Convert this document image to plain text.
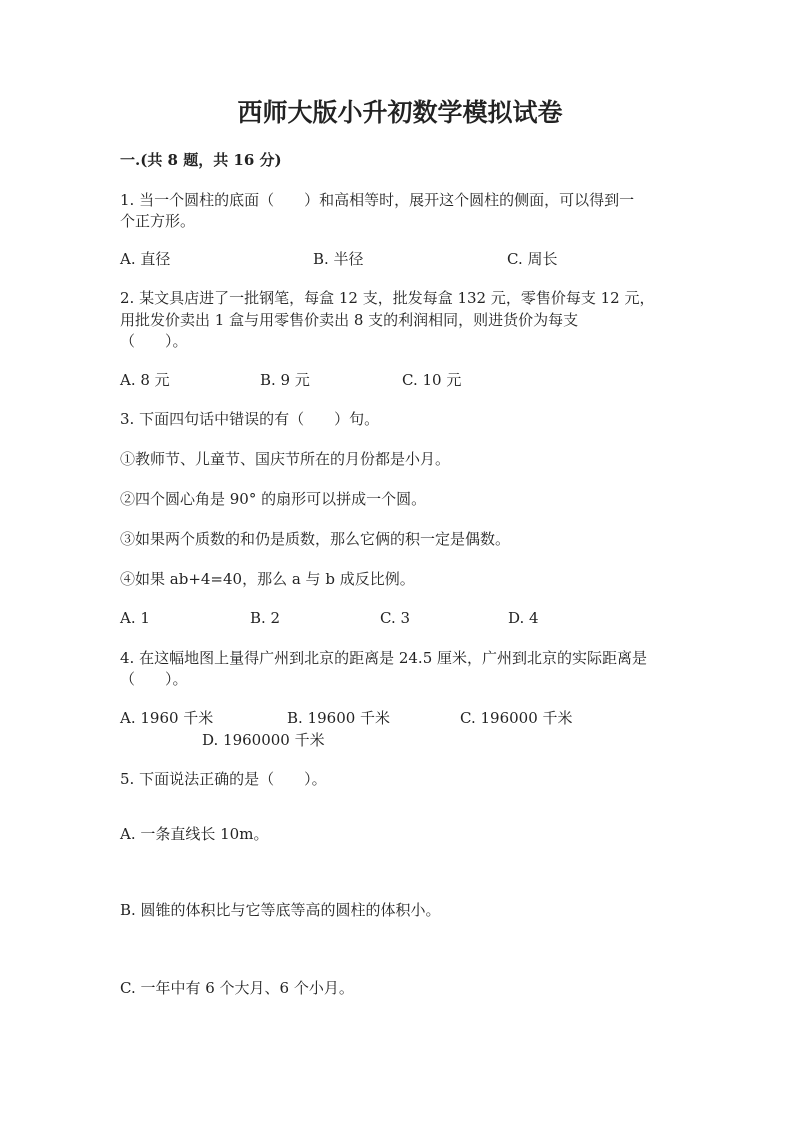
西师大版小升初数学模拟试卷
一.(共 8 题，共 16 分)
1. 当一个圆柱的底面（　　）和高相等时，展开这个圆柱的侧面，可以得到一
个正方形。
A. 直径	B. 半径	C. 周长
2. 某文具店进了一批钢笔，每盒 12 支，批发每盒 132 元，零售价每支 12 元，
用批发价卖出 1 盒与用零售价卖出 8 支的利润相同，则进货价为每支
（　　）。
A. 8 元	B. 9 元	C. 10 元
3. 下面四句话中错误的有（　　）句。
①教师节、儿童节、国庆节所在的月份都是小月。
②四个圆心角是 90° 的扇形可以拼成一个圆。
③如果两个质数的和仍是质数，那么它俩的积一定是偶数。
④如果 ab+4=40，那么 a 与 b 成反比例。
A. 1	B. 2	C. 3	D. 4
4. 在这幅地图上量得广州到北京的距离是 24.5 厘米，广州到北京的实际距离是
（　　）。
A. 1960 千米	B. 19600 千米	C. 196000 千米
D. 1960000 千米
5. 下面说法正确的是（　　）。
A. 一条直线长 10m。
B. 圆锥的体积比与它等底等高的圆柱的体积小。
C. 一年中有 6 个大月、6 个小月。
